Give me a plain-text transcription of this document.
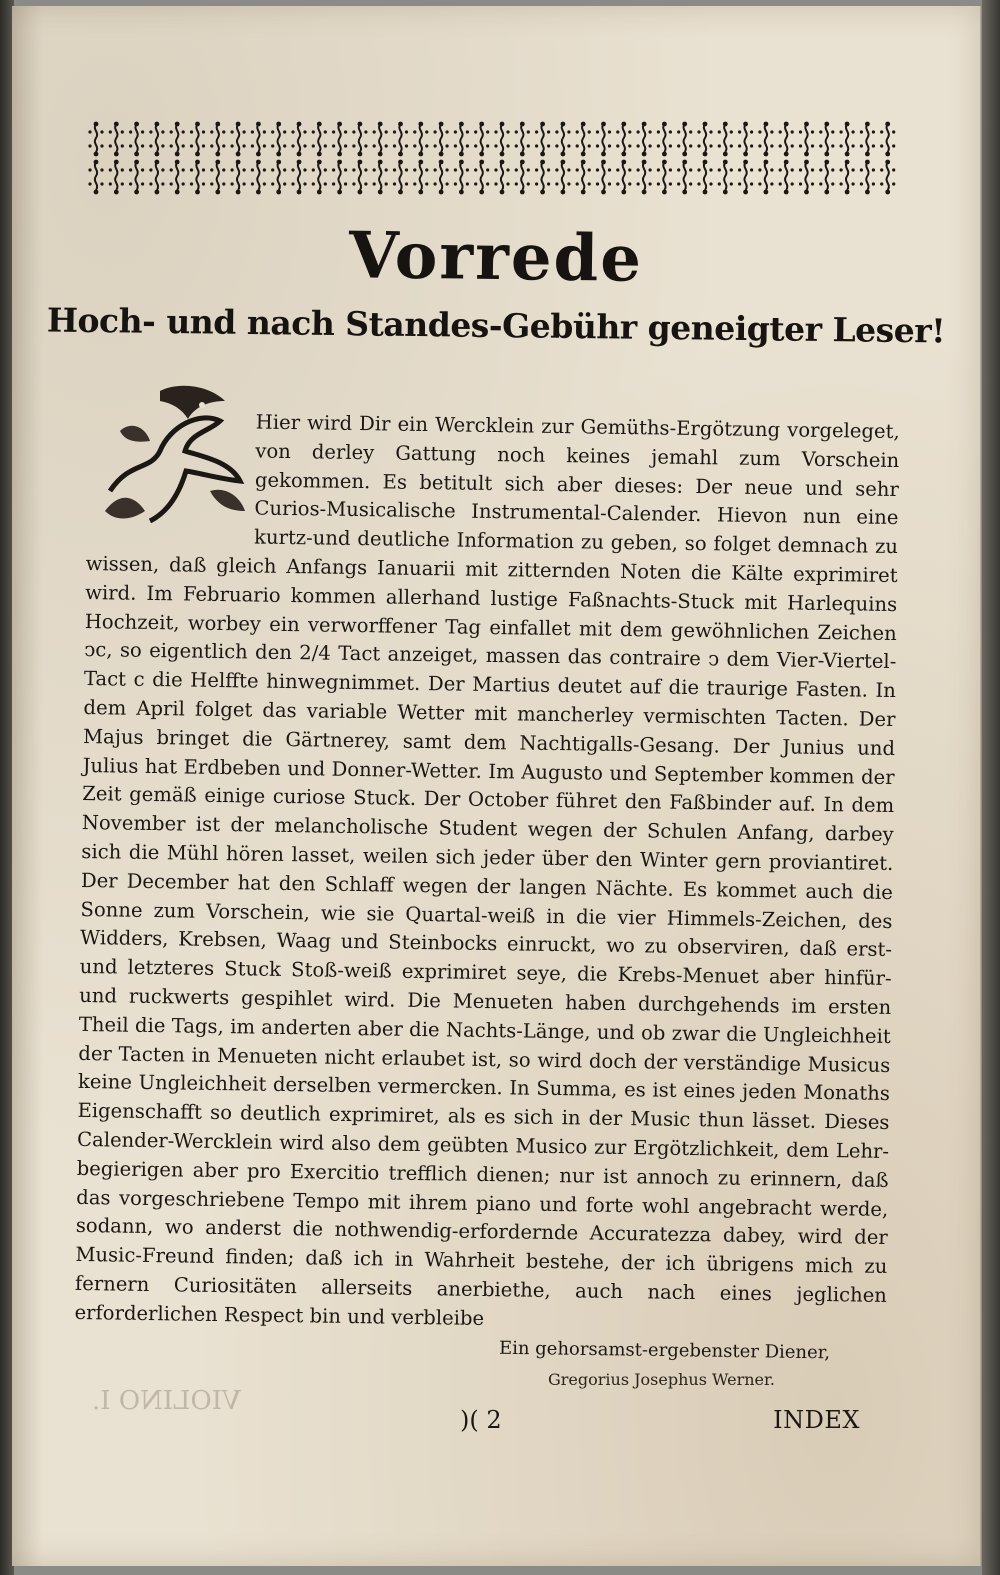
Vorrede
Hoch- und nach Standes-Gebühr geneigter Leser!
Hier wird Dir ein Wercklein zur Gemüths-Ergötzung vorgeleget, von derley Gattung noch keines jemahl zum Vorschein gekommen. Es betitult sich aber dieses: Der neue und sehr Curios-Musicalische Instrumental-Calender. Hievon nun eine kurtz-und deutliche Information zu geben, so folget demnach zu wissen, daß gleich Anfangs Ianuarii mit zitternden Noten die Kälte exprimiret wird. Im Februario kommen allerhand lustige Faßnachts-Stuck mit Harlequins Hochzeit, worbey ein verworffener Tag einfallet mit dem gewöhnlichen Zeichen ↄc, so eigentlich den 2/4 Tact anzeiget, massen das contraire ↄ dem Vier-Viertel-Tact c die Helffte hinwegnimmet. Der Martius deutet auf die traurige Fasten. In dem April folget das variable Wetter mit mancherley vermischten Tacten. Der Majus bringet die Gärtnerey, samt dem Nachtigalls-Gesang. Der Junius und Julius hat Erdbeben und Donner-Wetter. Im Augusto und September kommen der Zeit gemäß einige curiose Stuck. Der October führet den Faßbinder auf. In dem November ist der melancholische Student wegen der Schulen Anfang, darbey sich die Mühl hören lasset, weilen sich jeder über den Winter gern proviantiret. Der December hat den Schlaff wegen der langen Nächte. Es kommet auch die Sonne zum Vorschein, wie sie Quartal-weiß in die vier Himmels-Zeichen, des Widders, Krebsen, Waag und Steinbocks einruckt, wo zu observiren, daß erst- und letzteres Stuck Stoß-weiß exprimiret seye, die Krebs-Menuet aber hinfür- und ruckwerts gespihlet wird. Die Menueten haben durchgehends im ersten Theil die Tags, im anderten aber die Nachts-Länge, und ob zwar die Ungleichheit der Tacten in Menueten nicht erlaubet ist, so wird doch der verständige Musicus keine Ungleichheit derselben vermercken. In Summa, es ist eines jeden Monaths Eigenschafft so deutlich exprimiret, als es sich in der Music thun lässet. Dieses Calender-Wercklein wird also dem geübten Musico zur Ergötzlichkeit, dem Lehr-begierigen aber pro Exercitio trefflich dienen; nur ist annoch zu erinnern, daß das vorgeschriebene Tempo mit ihrem piano und forte wohl angebracht werde, sodann, wo anderst die nothwendig-erfordernde Accuratezza dabey, wird der Music-Freund finden; daß ich in Wahrheit bestehe, der ich übrigens mich zu fernern Curiositäten allerseits anerbiethe, auch nach eines jeglichen erforderlichen Respect bin und verbleibe
Ein gehorsamst-ergebenster Diener,
Gregorius Josephus Werner.
VIOLINO I.
)( 2	INDEX
